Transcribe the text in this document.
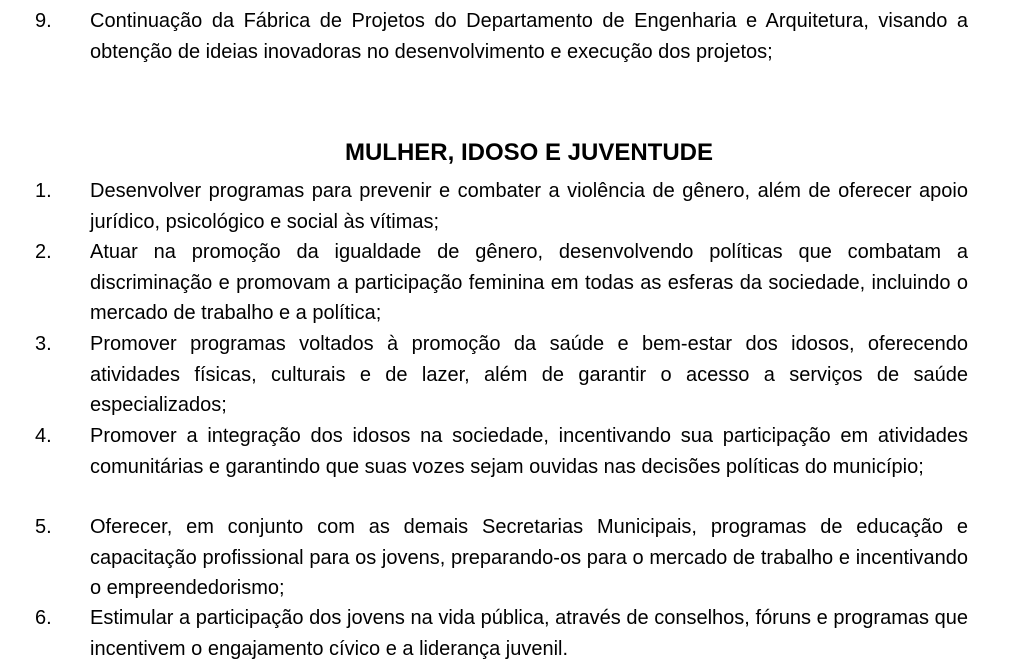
9. Continuação da Fábrica de Projetos do Departamento de Engenharia e Arquitetura, visando a obtenção de ideias inovadoras no desenvolvimento e execução dos projetos;
MULHER, IDOSO E JUVENTUDE
1. Desenvolver programas para prevenir e combater a violência de gênero, além de oferecer apoio jurídico, psicológico e social às vítimas;
2. Atuar na promoção da igualdade de gênero, desenvolvendo políticas que combatam a discriminação e promovam a participação feminina em todas as esferas da sociedade, incluindo o mercado de trabalho e a política;
3. Promover programas voltados à promoção da saúde e bem-estar dos idosos, oferecendo atividades físicas, culturais e de lazer, além de garantir o acesso a serviços de saúde especializados;
4. Promover a integração dos idosos na sociedade, incentivando sua participação em atividades comunitárias e garantindo que suas vozes sejam ouvidas nas decisões políticas do município;
5. Oferecer, em conjunto com as demais Secretarias Municipais, programas de educação e capacitação profissional para os jovens, preparando-os para o mercado de trabalho e incentivando o empreendedorismo;
6. Estimular a participação dos jovens na vida pública, através de conselhos, fóruns e programas que incentivem o engajamento cívico e a liderança juvenil.
